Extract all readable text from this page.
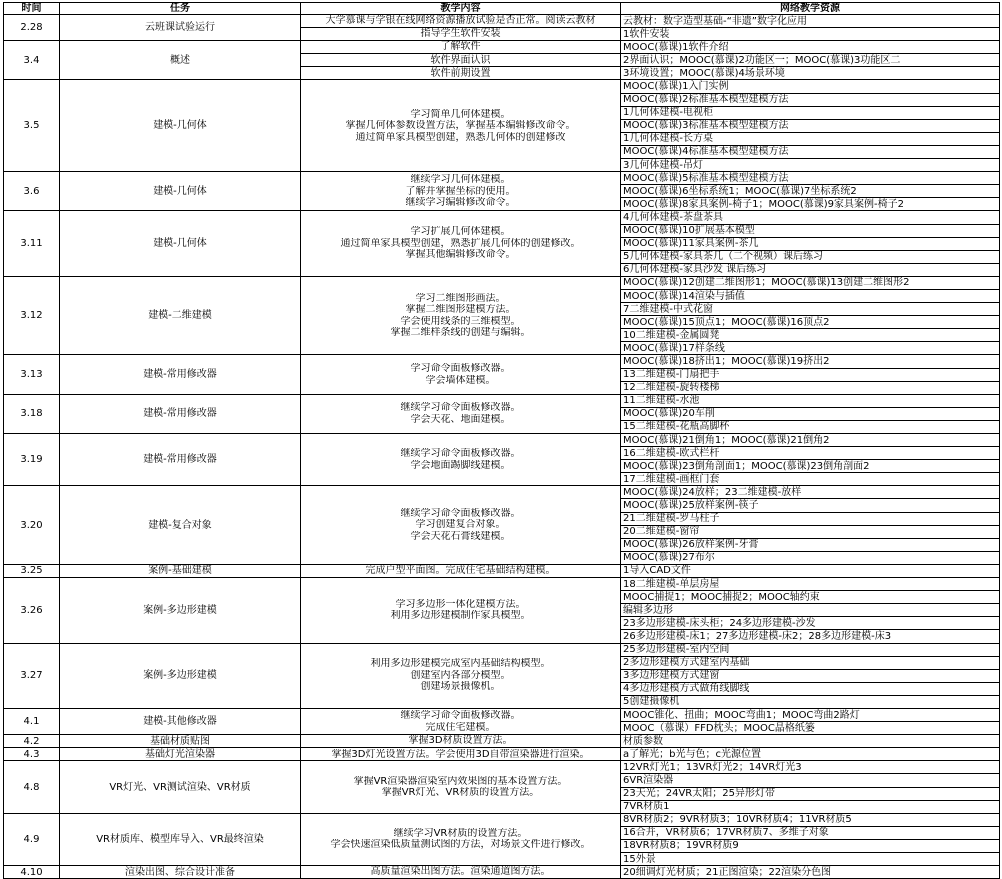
时间	任务	教学内容	网络教学资源
2.28	云班课试验运行	大学慕课与学银在线网络资源播放试验是否正常。阅读云教材	云教材：数字造型基础-“非遗”数字化应用
		指导学生软件安装	1软件安装
3.4	概述	了解软件	MOOC(慕课)1软件介绍
		软件界面认识	2界面认识；MOOC(慕课)2功能区一；MOOC(慕课)3功能区二
		软件前期设置	3环境设置；MOOC(慕课)4场景环境
3.5	建模-几何体	学习简单几何体建模。
掌握几何体参数设置方法，掌握基本编辑修改命令。
通过简单家具模型创建，熟悉几何体的创建修改	MOOC(慕课)1入门实例
			MOOC(慕课)2标准基本模型建模方法
			1几何体建模-电视柜
			MOOC(慕课)3标准基本模型建模方法
			1几何体建模-长方桌
			MOOC(慕课)4标准基本模型建模方法
			3几何体建模-吊灯
3.6	建模-几何体	继续学习几何体建模。
了解并掌握坐标的使用。
继续学习编辑修改命令。	MOOC(慕课)5标准基本模型建模方法
			MOOC(慕课)6坐标系统1；MOOC(慕课)7坐标系统2
			MOOC(慕课)8家具案例-椅子1；MOOC(慕课)9家具案例-椅子2
3.11	建模-几何体	学习扩展几何体建模。
通过简单家具模型创建，熟悉扩展几何体的创建修改。
掌握其他编辑修改命令。	4几何体建模-茶盘茶具
			MOOC(慕课)10扩展基本模型
			MOOC(慕课)11家具案例-茶几
			5几何体建模-家具茶几（二个视频）课后练习
			6几何体建模-家具沙发 课后练习
3.12	建模-二维建模	学习二维图形画法。
掌握二维图形建模方法。
学会使用线条的三维模型。
掌握二维样条线的创建与编辑。	MOOC(慕课)12创建二维图形1；MOOC(慕课)13创建二维图形2
			MOOC(慕课)14渲染与插值
			7二维建模-中式花窗
			MOOC(慕课)15顶点1；MOOC(慕课)16顶点2
			10二维建模-金属圆凳
			MOOC(慕课)17样条线
3.13	建模-常用修改器	学习命令面板修改器。
学会墙体建模。	MOOC(慕课)18挤出1；MOOC(慕课)19挤出2
			13二维建模-门扇把手
			12二维建模-旋转楼梯
3.18	建模-常用修改器	继续学习命令面板修改器。
学会天花、地面建模。	11二维建模-水池
			MOOC(慕课)20车削
			15二维建模-花瓶高脚杯
3.19	建模-常用修改器	继续学习命令面板修改器。
学会地面踢脚线建模。	MOOC(慕课)21倒角1；MOOC(慕课)21倒角2
			16二维建模-欧式栏杆
			MOOC(慕课)23倒角剖面1；MOOC(慕课)23倒角剖面2
			17二维建模-画框门套
3.20	建模-复合对象	继续学习命令面板修改器。
学习创建复合对象。
学会天花石膏线建模。	MOOC(慕课)24放样；23二维建模-放样
			MOOC(慕课)25放样案例-筷子
			21二维建模-罗马柱子
			20二维建模-窗帘
			MOOC(慕课)26放样案例-牙膏
			MOOC(慕课)27布尔
3.25	案例-基础建模	完成户型平面图。完成住宅基础结构建模。	1导入CAD文件
3.26	案例-多边形建模	学习多边形一体化建模方法。
利用多边形建模制作家具模型。	18二维建模-单层房屋
			MOOC捕捉1；MOOC捕捉2；MOOC轴约束
			编辑多边形
			23多边形建模-床头柜；24多边形建模-沙发
			26多边形建模-床1；27多边形建模-床2；28多边形建模-床3
3.27	案例-多边形建模	利用多边形建模完成室内基础结构模型。
创建室内各部分模型。
创建场景摄像机。	25多边形建模-室内空间
			2多边形建模方式建室内基础
			3多边形建模方式建窗
			4多边形建模方式做角线脚线
			5创建摄像机
4.1	建模-其他修改器	继续学习命令面板修改器。
完成住宅建模。	MOOC锥化、扭曲；MOOC弯曲1；MOOC弯曲2路灯
			MOOC（慕课）FFD枕头；MOOC晶格纸篓
4.2	基础材质贴图	掌握3D材质设置方法。	材质参数
4.3	基础灯光渲染器	掌握3D灯光设置方法。学会使用3D自带渲染器进行渲染。	a了解光；b光与色；c光源位置
4.8	VR灯光、VR测试渲染、VR材质	掌握VR渲染器渲染室内效果图的基本设置方法。
掌握VR灯光、VR材质的设置方法。	12VR灯光1；13VR灯光2；14VR灯光3
			6VR渲染器
			23天光；24VR太阳；25异形灯带
			7VR材质1
4.9	VR材质库、模型库导入、VR最终渲染	继续学习VR材质的设置方法。
学会快速渲染低质量测试图的方法，对场景文件进行修改。	8VR材质2；9VR材质3；10VR材质4；11VR材质5
			16合并，VR材质6；17VR材质7、多维子对象
			18VR材质8；19VR材质9
			15外景
4.10	渲染出图、综合设计准备	高质量渲染出图方法。渲染通道图方法。	20细调灯光材质；21正图渲染；22渲染分色图
